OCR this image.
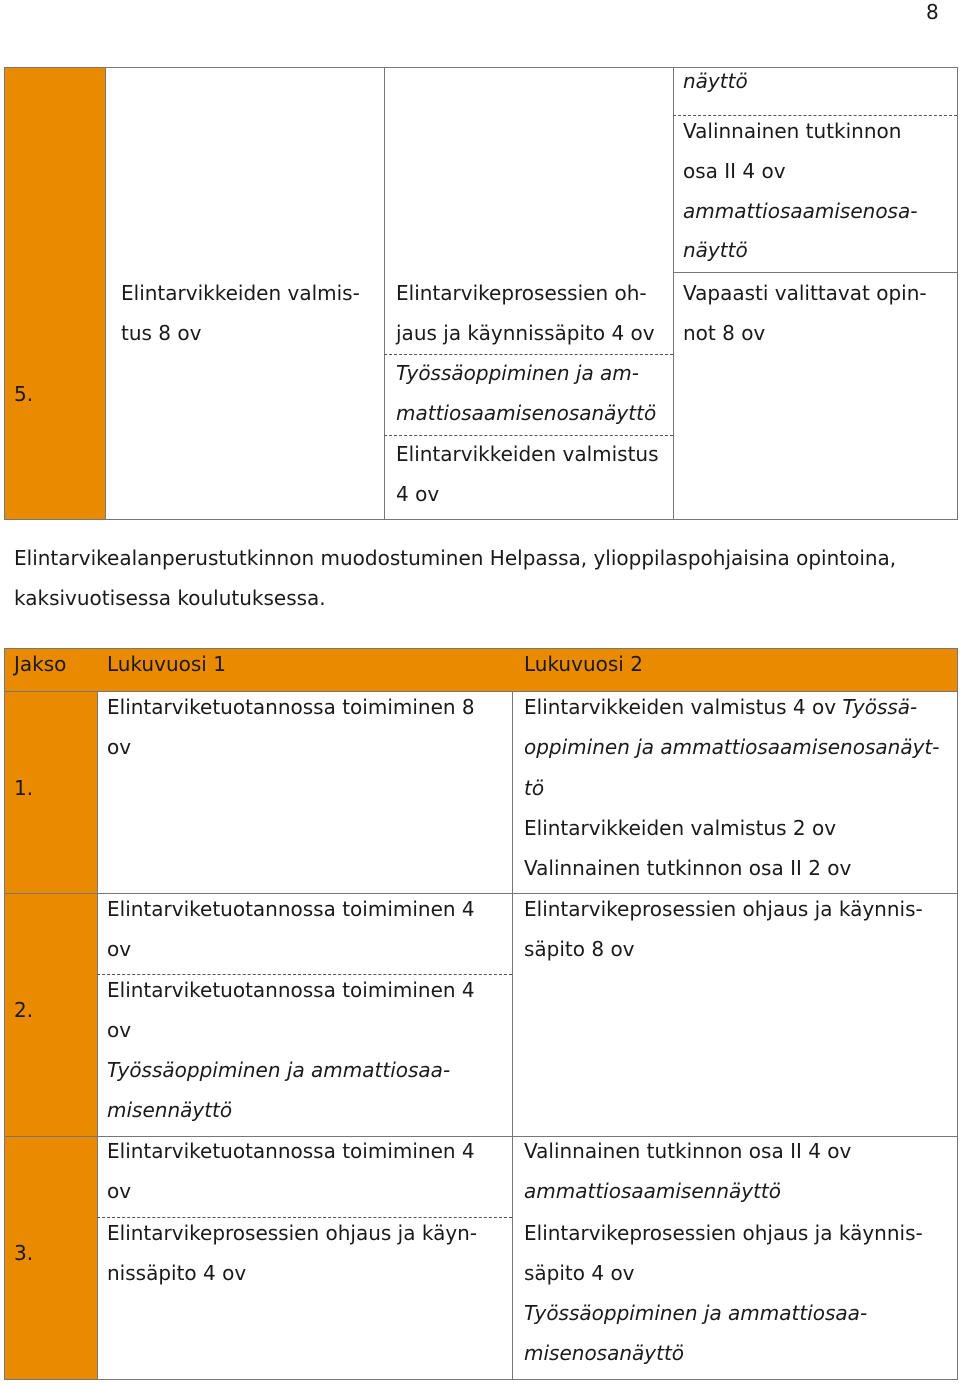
8
5.
Elintarvikkeiden valmis-
tus 8 ov
Elintarvikeprosessien oh-
jaus ja käynnissäpito 4 ov
Työssäoppiminen ja am-
mattiosaamisenosanäyttö
Elintarvikkeiden valmistus
4 ov
näyttö
Valinnainen tutkinnon
osa II 4 ov
ammattiosaamisenosa-
näyttö
Vapaasti valittavat opin-
not 8 ov
Elintarvikealanperustutkinnon muodostuminen Helpassa, ylioppilaspohjaisina opintoina, kaksivuotisessa koulutuksessa.
Jakso Lukuvuosi 1	Lukuvuosi 2
1.
Elintarviketuotannossa toimiminen 8
ov
Elintarvikkeiden valmistus 4 ov Työssä-
oppiminen ja ammattiosaamisenosanäyt-
tö
Elintarvikkeiden valmistus 2 ov
Valinnainen tutkinnon osa II 2 ov
2.
Elintarviketuotannossa toimiminen 4
ov
Elintarviketuotannossa toimiminen 4
ov
Työssäoppiminen ja ammattiosaa-
misennäyttö
Elintarvikeprosessien ohjaus ja käynnis-
säpito 8 ov
3.
Elintarviketuotannossa toimiminen 4
ov
Elintarvikeprosessien ohjaus ja käyn-
nissäpito 4 ov
Valinnainen tutkinnon osa II 4 ov
ammattiosaamisennäyttö
Elintarvikeprosessien ohjaus ja käynnis-
säpito 4 ov
Työssäoppiminen ja ammattiosaa-
misenosanäyttö
